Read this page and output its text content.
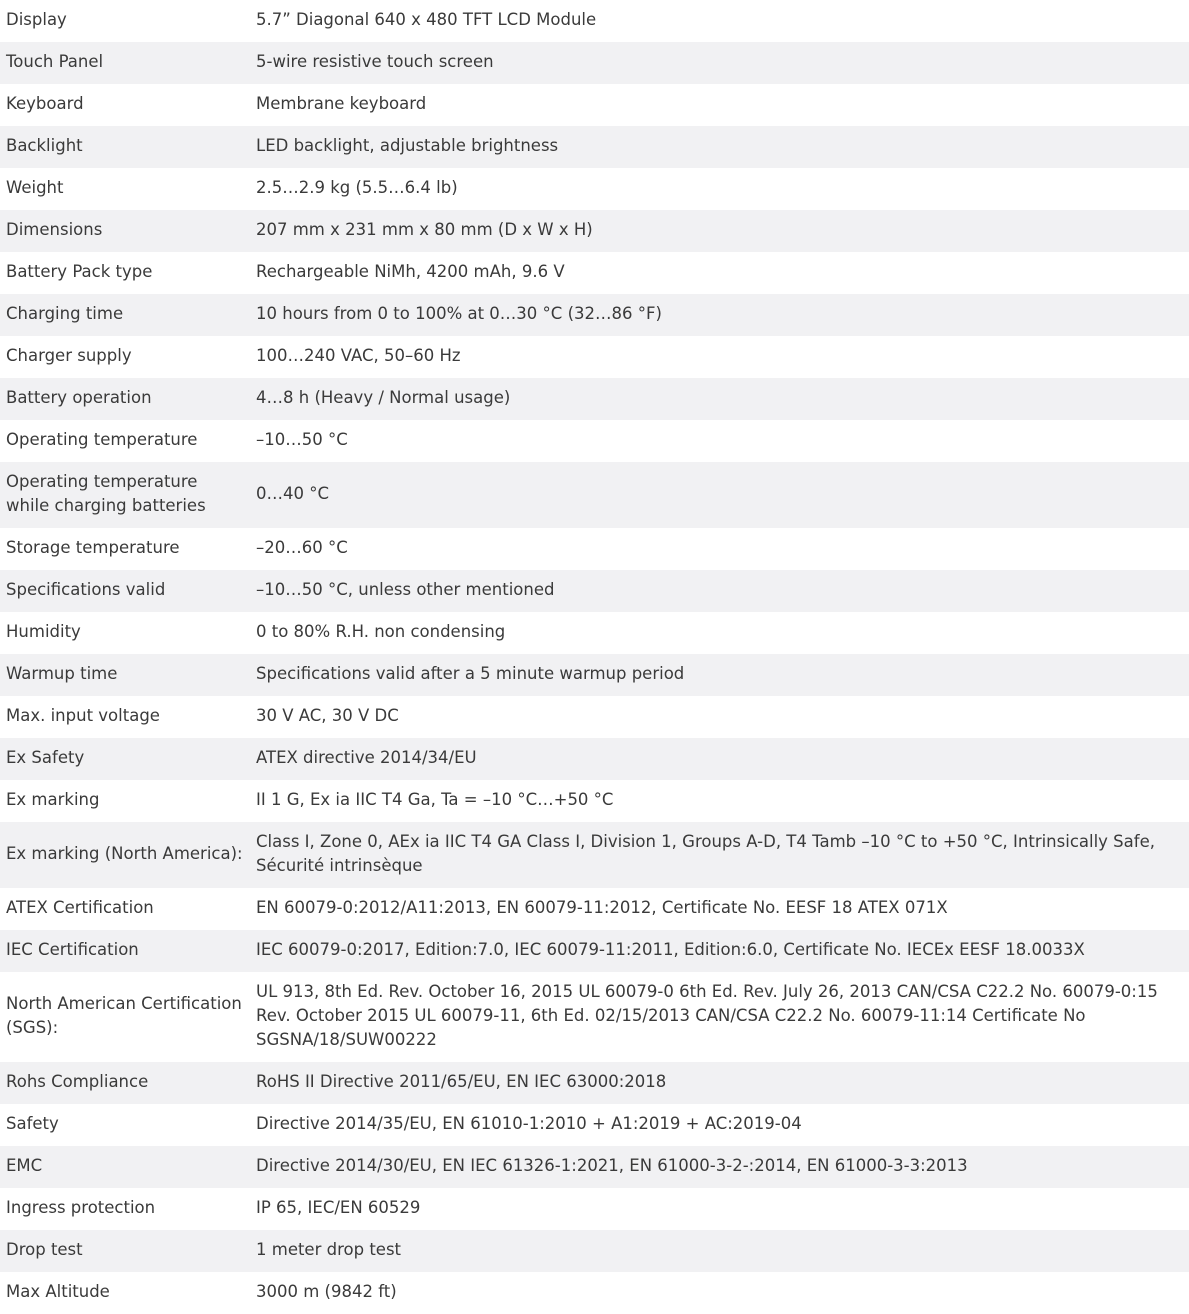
Display	5.7” Diagonal 640 x 480 TFT LCD Module
Touch Panel	5-wire resistive touch screen
Keyboard	Membrane keyboard
Backlight	LED backlight, adjustable brightness
Weight	2.5…2.9 kg (5.5…6.4 lb)
Dimensions	207 mm x 231 mm x 80 mm (D x W x H)
Battery Pack type	Rechargeable NiMh, 4200 mAh, 9.6 V
Charging time	10 hours from 0 to 100% at 0…30 °C (32…86 °F)
Charger supply	100…240 VAC, 50–60 Hz
Battery operation	4…8 h (Heavy / Normal usage)
Operating temperature	–10…50 °C
Operating temperature while charging batteries	0…40 °C
Storage temperature	–20…60 °C
Specifications valid	–10…50 °C, unless other mentioned
Humidity	0 to 80% R.H. non condensing
Warmup time	Specifications valid after a 5 minute warmup period
Max. input voltage	30 V AC, 30 V DC
Ex Safety	ATEX directive 2014/34/EU
Ex marking	II 1 G, Ex ia IIC T4 Ga, Ta = –10 °C…+50 °C
Ex marking (North America):	Class I, Zone 0, AEx ia IIC T4 GA Class I, Division 1, Groups A-D, T4 Tamb –10 °C to +50 °C, Intrinsically Safe, Sécurité intrinsèque
ATEX Certification	EN 60079-0:2012/A11:2013, EN 60079-11:2012, Certificate No. EESF 18 ATEX 071X
IEC Certification	IEC 60079-0:2017, Edition:7.0, IEC 60079-11:2011, Edition:6.0, Certificate No. IECEx EESF 18.0033X
North American Certification (SGS):	UL 913, 8th Ed. Rev. October 16, 2015 UL 60079-0 6th Ed. Rev. July 26, 2013 CAN/CSA C22.2 No. 60079-0:15 Rev. October 2015 UL 60079-11, 6th Ed. 02/15/2013 CAN/CSA C22.2 No. 60079-11:14 Certificate No SGSNA/18/SUW00222
Rohs Compliance	RoHS II Directive 2011/65/EU, EN IEC 63000:2018
Safety	Directive 2014/35/EU, EN 61010-1:2010 + A1:2019 + AC:2019-04
EMC	Directive 2014/30/EU, EN IEC 61326-1:2021, EN 61000-3-2-:2014, EN 61000-3-3:2013
Ingress protection	IP 65, IEC/EN 60529
Drop test	1 meter drop test
Max Altitude	3000 m (9842 ft)
